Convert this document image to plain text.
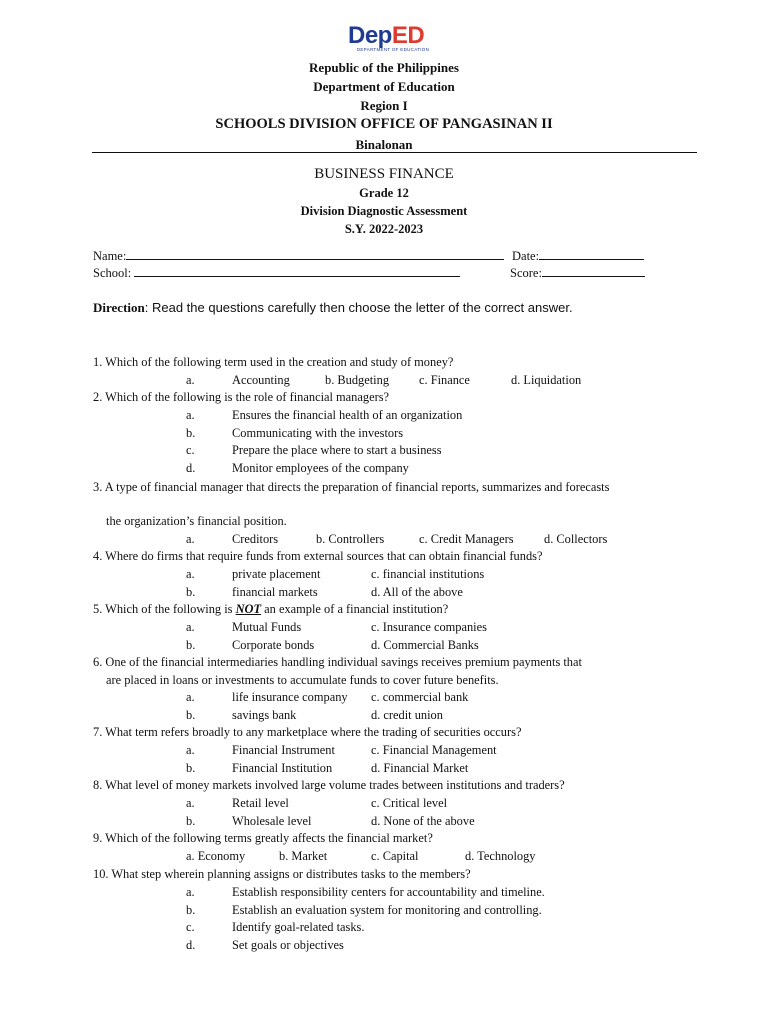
DepED
DEPARTMENT OF EDUCATION
Republic of the Philippines
Department of Education
Region I
SCHOOLS DIVISION OFFICE OF PANGASINAN II
Binalonan
BUSINESS FINANCE
Grade 12
Division Diagnostic Assessment
S.Y. 2022-2023
Name:	Date:
School:	Score:
Direction: Read the questions carefully then choose the letter of the correct answer.
1. Which of the following term used in the creation and study of money?
a.	Accounting	b. Budgeting c. Finance	d. Liquidation
2. Which of the following is the role of financial managers?
a.	Ensures the financial health of an organization
b.	Communicating with the investors
c.	Prepare the place where to start a business
d.	Monitor employees of the company
3. A type of financial manager that directs the preparation of financial reports, summarizes and forecasts
the organization’s financial position.
a.	Creditors	b. Controllers	c. Credit Managers d. Collectors
4. Where do firms that require funds from external sources that can obtain financial funds?
a.	private placement	c. financial institutions
b.	financial markets	d. All of the above
5. Which of the following is NOT an example of a financial institution?
a.	Mutual Funds	c. Insurance companies
b.	Corporate bonds	d. Commercial Banks
6. One of the financial intermediaries handling individual savings receives premium payments that
are placed in loans or investments to accumulate funds to cover future benefits.
a.	life insurance company c. commercial bank
b.	savings bank	d. credit union
7. What term refers broadly to any marketplace where the trading of securities occurs?
a.	Financial Instrument	c. Financial Management
b.	Financial Institution	d. Financial Market
8. What level of money markets involved large volume trades between institutions and traders?
a.	Retail level	c. Critical level
b.	Wholesale level	d. None of the above
9. Which of the following terms greatly affects the financial market?
a. Economy	b. Market	c. Capital	d. Technology
10. What step wherein planning assigns or distributes tasks to the members?
a.	Establish responsibility centers for accountability and timeline.
b.	Establish an evaluation system for monitoring and controlling.
c.	Identify goal-related tasks.
d.	Set goals or objectives
